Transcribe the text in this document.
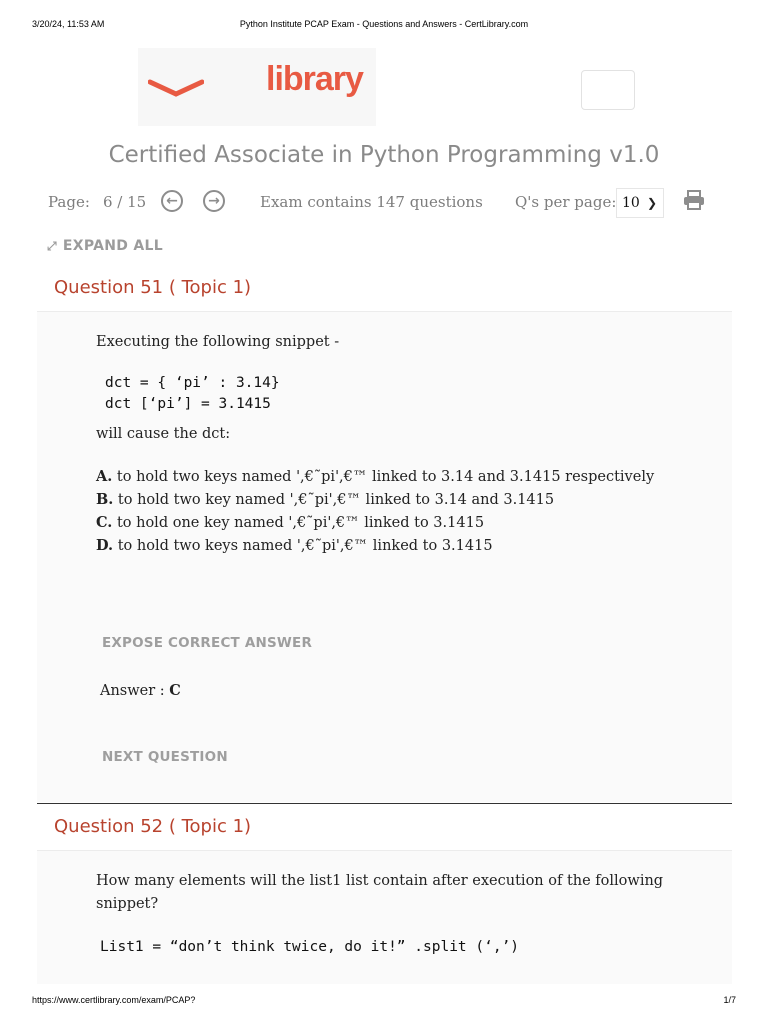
3/20/24, 11:53 AM	Python Institute PCAP Exam - Questions and Answers - CertLibrary.com
library
Certified Associate in Python Programming v1.0
Page: 6 / 15	←	→	Exam contains 147 questions Q's per page: 10 ❯
⤢ EXPAND ALL
Question 51 ( Topic 1)
Executing the following snippet -
dct = { ‘pi’ : 3.14}
dct [‘pi’] = 3.1415
will cause the dct:
A. to hold two keys named ',€˜pi',€™ linked to 3.14 and 3.1415 respectively
B. to hold two key named ',€˜pi',€™ linked to 3.14 and 3.1415
C. to hold one key named ',€˜pi',€™ linked to 3.1415
D. to hold two keys named ',€˜pi',€™ linked to 3.1415
EXPOSE CORRECT ANSWER
Answer : C
NEXT QUESTION
Question 52 ( Topic 1)
How many elements will the list1 list contain after execution of the following
snippet?
List1 = “don’t think twice, do it!” .split (‘,’)
https://www.certlibrary.com/exam/PCAP?	1/7
